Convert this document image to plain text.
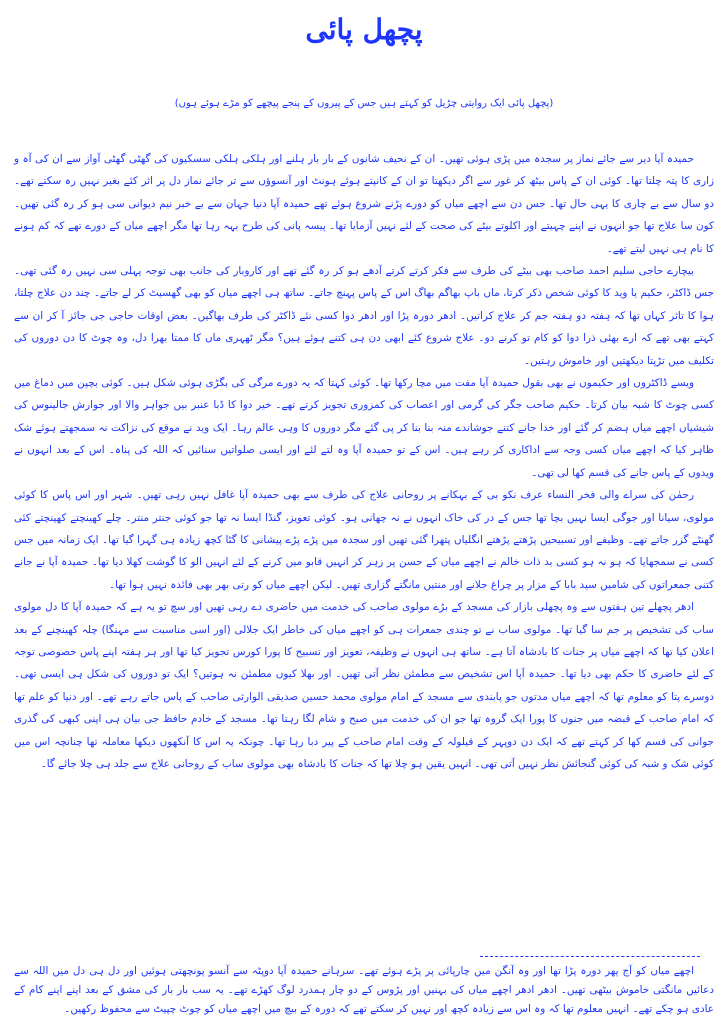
پچھل پائی
(پچھل پائی ایک روایتی چڑیل کو کہتے ہیں جس کے پیروں کے پنجے پیچھے کو مڑے ہوئے ہوں)

حمیدہ آپا دیر سے جائے نماز پر سجدہ میں پڑی ہوئی تھیں۔ ان کے نحیف شانوں کے بار بار ہلنے اور ہلکی ہلکی سسکیوں کی گھٹی گھٹی آواز سے ان کی آہ و زاری کا پتہ چلتا تھا۔ کوئی ان کے پاس بیٹھ کر غور سے اگر دیکھتا تو ان کے کانپتے ہوئے ہونٹ اور آنسوؤں سے تر جائے نماز دل پر اثر کئے بغیر نہیں رہ سکتے تھے۔ دو سال سے بے چاری کا یہی حال تھا۔ جس دن سے اچھے میاں کو دورے پڑنے شروع ہوئے تھے حمیدہ آپا دنیا جہان سے بے خبر نیم دیوانی سی ہو کر رہ گئی تھیں۔ کون سا علاج تھا جو انہوں نے اپنے چہیتے اور اکلوتے بیٹے کی صحت کے لئے نہیں آزمایا تھا۔ پیسہ پانی کی طرح بہہ رہا تھا مگر اچھے میاں کے دورے تھے کہ کم ہونے کا نام ہی نہیں لیتے تھے۔

بیچارے حاجی سلیم احمد صاحب بھی بیٹے کی طرف سے فکر کرتے کرتے آدھے ہو کر رہ گئے تھے اور کاروبار کی جانب بھی توجہ پہلی سی نہیں رہ گئی تھی۔ جس ڈاکٹر، حکیم یا وید کا کوئی شخص ذکر کرتا، ماں باپ بھاگم بھاگ اس کے پاس پہنچ جاتے۔ ساتھ ہی اچھے میاں کو بھی گھسیٹ کر لے جاتے۔ چند دن علاج چلتا، ہوا کا تاثر کہاں تھا کہ ہفتہ دو ہفتہ جم کر علاج کراتیں۔ ادھر دورہ پڑا اور ادھر دوا کسی نئے ڈاکٹر کی طرف بھاگیں۔ بعض اوقات حاجی جی جائز آ کر ان سے کہتے بھی تھے کہ ارے بھئی ذرا دوا کو کام تو کرنے دو۔ علاج شروع کئے ابھی دن ہی کتنے ہوئے ہیں؟ مگر ٹھہری ماں کا ممتا بھرا دل، وہ چوٹ کا دن دوروں کی تکلیف میں تڑپتا دیکھتیں اور خاموش رہتیں۔

ویسے ڈاکٹروں اور حکیموں نے بھی بقول حمیدہ آپا مفت میں مچا رکھا تھا۔ کوئی کہتا کہ یہ دورے مرگی کی بگڑی ہوئی شکل ہیں۔ کوئی بچپن میں دماغ میں کسی چوٹ کا شبہ بیان کرتا۔ حکیم صاحب جگر کی گرمی اور اعصاب کی کمزوری تجویز کرتے تھے۔ خیر دوا کا ڈبا عنبر بیں جواہر والا اور جوارش جالینوس کی شیشیاں اچھے میاں ہضم کر گئے اور خدا جانے کتنے جوشاندے منہ بنا بنا کر پی گئے مگر دوروں کا وہی عالم رہا۔ ایک وید نے موقع کی نزاکت نہ سمجھتے ہوئے شک ظاہر کیا کہ اچھے میاں کسی وجہ سے اداکاری کر رہے ہیں۔ اس کے تو حمیدہ آپا وہ لتے لئے اور ایسی صلواتیں سنائیں کہ اللہ کی پناہ۔ اس کے بعد انہوں نے ویدوں کے پاس جانے کی قسم کھا لی تھی۔

رحمٰن کی سراے والی فخر النساء عرف نکو بی کے بہکانے پر روحانی علاج کی طرف سے بھی حمیدہ آپا غافل نہیں رہی تھیں۔ شہر اور اس پاس کا کوئی مولوی، سیانا اور جوگی ایسا نہیں بچا تھا جس کے در کی خاک انہوں نے نہ چھانی ہو۔ کوئی تعویز، گنڈا ایسا نہ تھا جو کوئی جنتر منتر۔ چلے کھینچتے کھینچتے کئی گھنٹے گزر جاتے تھے۔ وظیفے اور تسبیحیں پڑھتے پڑھتے انگلیاں پتھرا گئی تھیں اور سجدہ میں پڑے پڑے پیشانی کا گٹا کچھ زیادہ ہی گہرا گیا تھا۔ ایک زمانہ میں جس کسی نے سمجھایا کہ ہو نہ ہو کسی بد ذات خالم نے اچھے میاں کے حسن پر زہر کر انہیں قابو میں کرنے کے لئے انہیں الو کا گوشت کھلا دیا تھا۔ حمیدہ آپا نے جانے کتنی جمعراتوں کی شامیں سید بابا کے مزار پر چراغ جلانے اور منتیں مانگتے گزاری تھیں۔ لیکن اچھے میاں کو رتی بھر بھی فائدہ نہیں ہوا تھا۔

ادھر پچھلے تین ہفتوں سے وہ پچھلی بازار کی مسجد کے بڑے مولوی صاحب کی خدمت میں حاضری دے رہی تھیں اور سچ تو یہ ہے کہ حمیدہ آپا کا دل مولوی ساب کی تشخیص پر جم سا گیا تھا۔ مولوی ساب نے تو چندی جمعرات ہی کو اچھے میاں کی خاطر ایک جلالی (اور اسی مناسبت سے مہنگا) چلہ کھینچنے کے بعد اعلان کیا تھا کہ اچھے میاں پر جنات کا بادشاہ آتا ہے۔ ساتھ ہی انہوں نے وظیفہ، تعویز اور تسبیح کا پورا کورس تجویز کیا تھا اور ہر ہفتہ اپنے پاس خصوصی توجہ کے لئے حاضری کا حکم بھی دیا تھا۔ حمیدہ آپا اس تشخیص سے مطمئن نظر آتی تھیں۔ اور بھلا کیوں مطمئن نہ ہوتیں؟ ایک تو دوروں کی شکل ہی ایسی تھی۔ دوسرے پتا کو معلوم تھا کہ اچھے میاں مدتوں جو پابندی سے مسجد کے امام مولوی محمد حسین صدیقی الوارثی صاحب کے پاس جاتے رہے تھے۔ اور دنیا کو علم تھا کہ امام صاحب کے قبضہ میں جنوں کا پورا ایک گروہ تھا جو ان کی خدمت میں صبح و شام لگا رہتا تھا۔ مسجد کے خادم حافظ جی بیان ہی اپنی کبھی کی گذری جوانی کی قسم کھا کر کہتے تھے کہ ایک دن دوپہر کے قیلولہ کے وقت امام صاحب کے پیر دبا رہا تھا۔ چونکہ یہ اس کا آنکھوں دیکھا معاملہ تھا چنانچہ اس میں کوئی شک و شبہ کی کوئی گنجائش نظر نہیں آتی تھی۔ انہیں یقین ہو چلا تھا کہ جنات کا بادشاہ بھی مولوی ساب کے روحانی علاج سے جلد ہی چلا جائے گا۔

اچھے میاں کو آج پھر دورہ پڑا تھا اور وہ آنگن میں چارپائی پر پڑے ہوئے تھے۔ سرہانے حمیدہ آپا دوپٹہ سے آنسو پونچھتی ہوئیں اور دل ہی دل میں اللہ سے دعائیں مانگتی خاموش بیٹھی تھیں۔ ادھر ادھر اچھے میاں کی بہنیں اور پڑوس کے دو چار ہمدرد لوگ کھڑے تھے۔ یہ سب بار بار کی مشق کے بعد اپنے اپنے کام کے عادی ہو چکے تھے۔ انہیں معلوم تھا کہ وہ اس سے زیادہ کچھ اور نہیں کر سکتے تھے کہ دورہ کے بیچ میں اچھے میاں کو چوٹ چپیٹ سے محفوظ رکھیں۔
